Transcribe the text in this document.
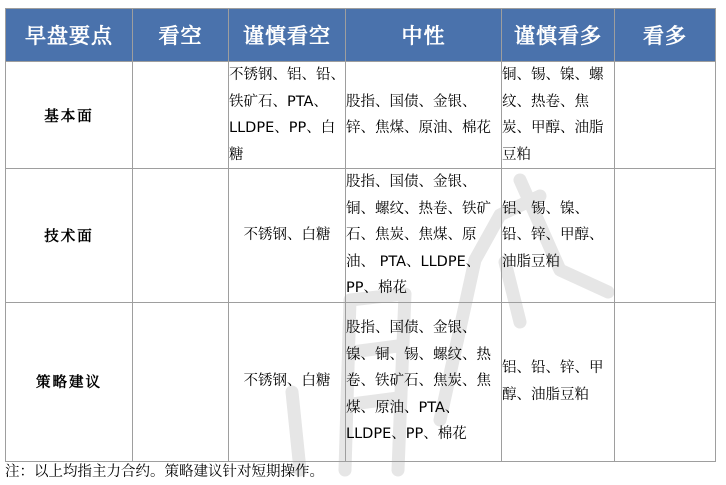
早盘要点	看空	谨慎看空	中性	谨慎看多	看多
基本面		不锈钢、铝、铅、铁矿石、PTA、LLDPE、PP、白糖	股指、国债、金银、锌、焦煤、原油、棉花	铜、锡、镍、螺纹、热卷、焦炭、甲醇、油脂豆粕	
技术面		不锈钢、白糖	股指、国债、金银、铜、螺纹、热卷、铁矿石、焦炭、焦煤、原油、 PTA、LLDPE、PP、棉花	铝、锡、镍、铅、锌、甲醇、油脂豆粕	
策略建议		不锈钢、白糖	股指、国债、金银、镍、铜、锡、螺纹、热卷、铁矿石、焦炭、焦煤、原油、PTA、LLDPE、PP、棉花	铝、铅、锌、甲醇、油脂豆粕	
注：以上均指主力合约。策略建议针对短期操作。
